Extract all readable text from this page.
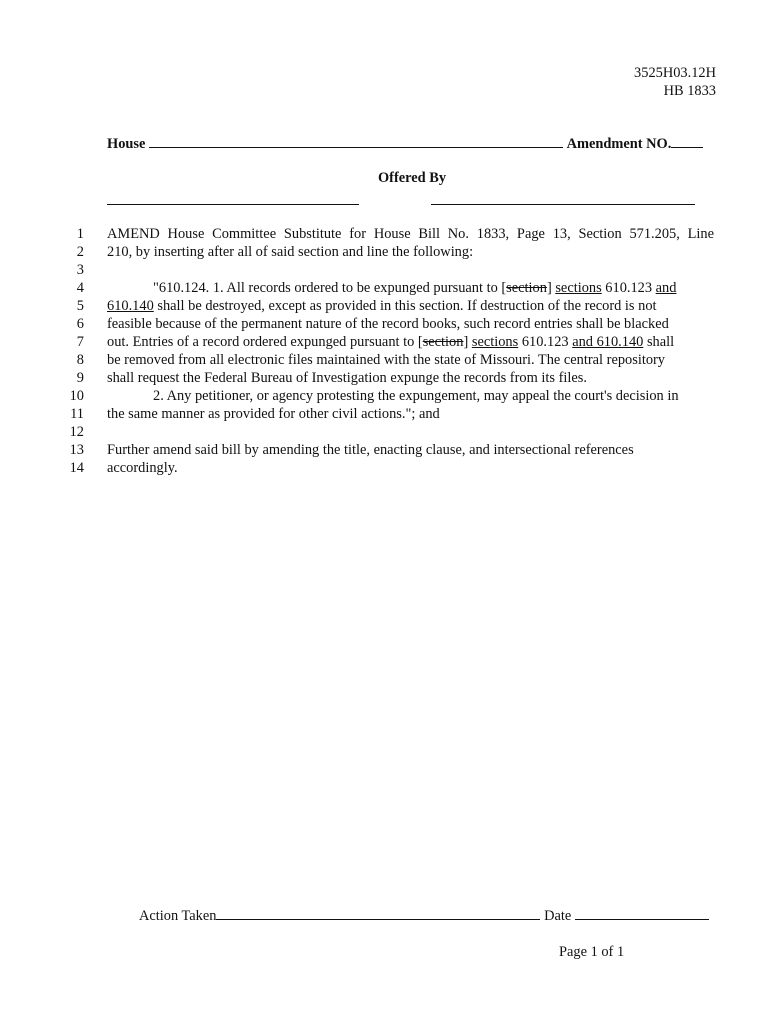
3525H03.12H
HB 1833
House	Amendment NO.
Offered By
1 AMEND House Committee Substitute for House Bill No. 1833, Page 13, Section 571.205, Line
2 210, by inserting after all of said section and line the following:
3
4	"610.124. 1. All records ordered to be expunged pursuant to [section] sections 610.123 and
5 610.140 shall be destroyed, except as provided in this section. If destruction of the record is not
6 feasible because of the permanent nature of the record books, such record entries shall be blacked
7 out. Entries of a record ordered expunged pursuant to [section] sections 610.123 and 610.140 shall
8 be removed from all electronic files maintained with the state of Missouri. The central repository
9 shall request the Federal Bureau of Investigation expunge the records from its files.
10	2. Any petitioner, or agency protesting the expungement, may appeal the court's decision in
11 the same manner as provided for other civil actions."; and
12
13 Further amend said bill by amending the title, enacting clause, and intersectional references
14 accordingly.
Action Taken	Date
Page 1 of 1
